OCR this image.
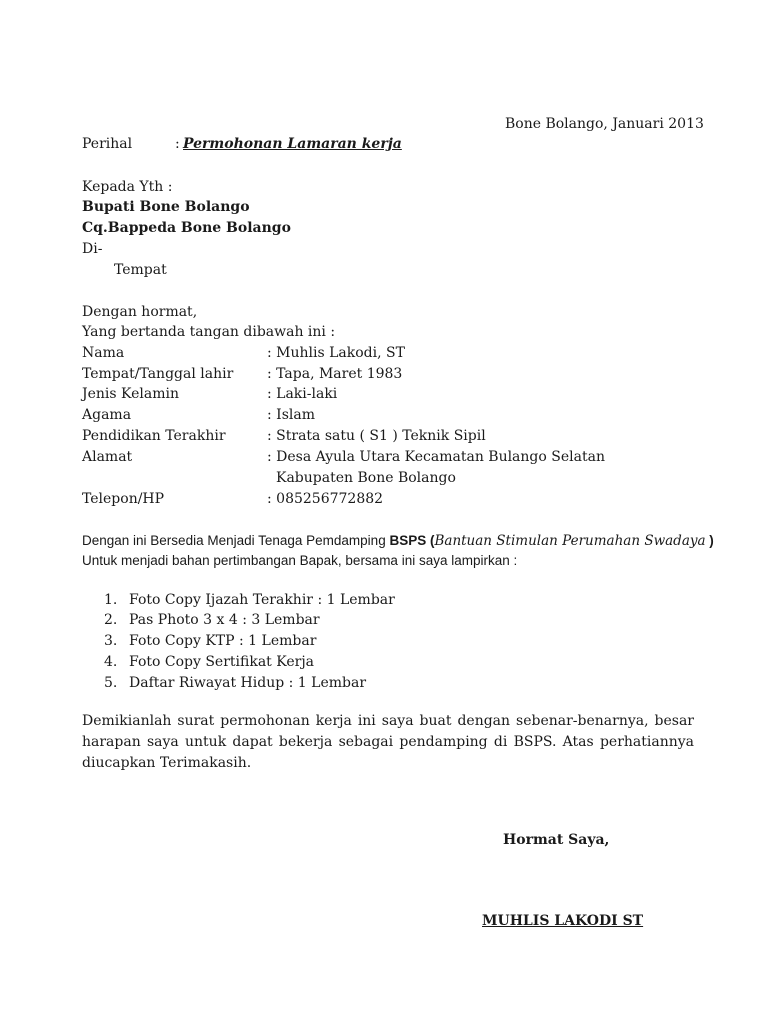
Bone Bolango, Januari 2013
Perihal	: Permohonan Lamaran kerja
Kepada Yth :
Bupati Bone Bolango
Cq.Bappeda Bone Bolango
Di-
Tempat
Dengan hormat,
Yang bertanda tangan dibawah ini :
Nama	: Muhlis Lakodi, ST
Tempat/Tanggal lahir : Tapa, Maret 1983
Jenis Kelamin	: Laki-laki
Agama	: Islam
Pendidikan Terakhir	: Strata satu ( S1 ) Teknik Sipil
Alamat	: Desa Ayula Utara Kecamatan Bulango Selatan
Kabupaten Bone Bolango
Telepon/HP	: 085256772882
Dengan ini Bersedia Menjadi Tenaga Pemdamping BSPS (Bantuan Stimulan Perumahan Swadaya )
Untuk menjadi bahan pertimbangan Bapak, bersama ini saya lampirkan :
1. Foto Copy Ijazah Terakhir : 1 Lembar
2. Pas Photo 3 x 4 : 3 Lembar
3. Foto Copy KTP : 1 Lembar
4. Foto Copy Sertifikat Kerja
5. Daftar Riwayat Hidup : 1 Lembar
Demikianlah surat permohonan kerja ini saya buat dengan sebenar-benarnya, besar harapan saya untuk dapat bekerja sebagai pendamping di BSPS. Atas perhatiannya diucapkan Terimakasih.
Hormat Saya,
MUHLIS LAKODI ST
